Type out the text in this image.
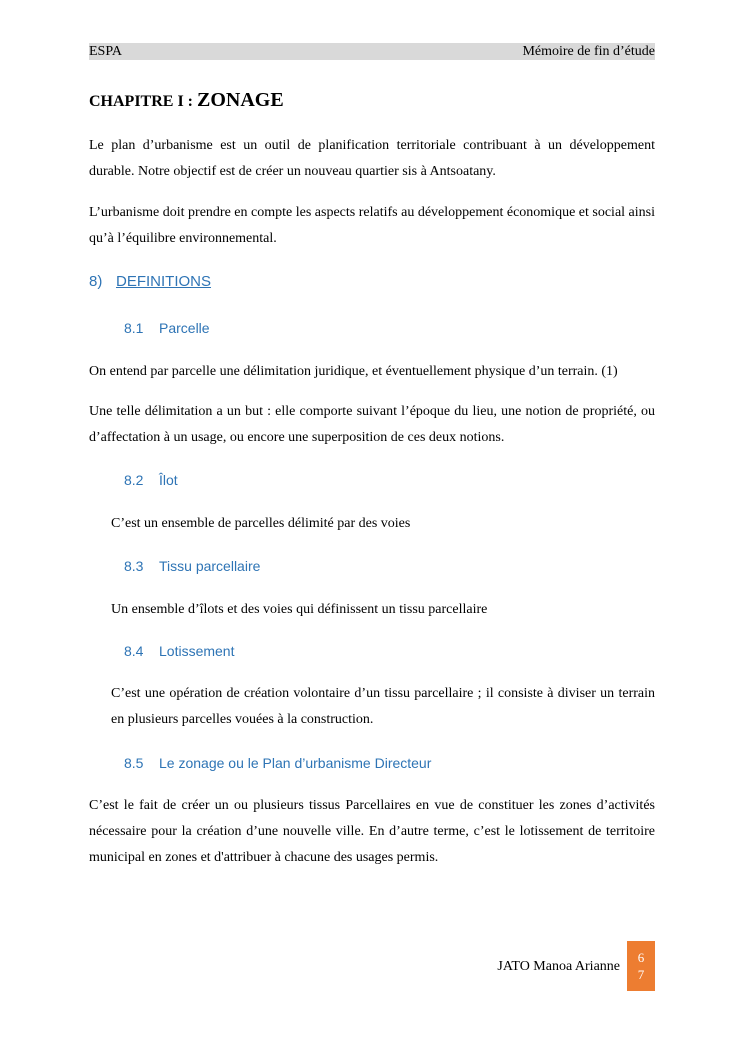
ESPA	Mémoire de fin d’étude
CHAPITRE I : ZONAGE

Le plan d’urbanisme est un outil de planification territoriale contribuant à un développement durable. Notre objectif est de créer un nouveau quartier sis à Antsoatany.

L’urbanisme doit prendre en compte les aspects relatifs au développement économique et social ainsi qu’à l’équilibre environnemental.

8) DEFINITIONS
8.1 Parcelle

On entend par parcelle une délimitation juridique, et éventuellement physique d’un terrain. (1)

Une telle délimitation a un but : elle comporte suivant l’époque du lieu, une notion de propriété, ou d’affectation à un usage, ou encore une superposition de ces deux notions.

8.2 Îlot

C’est un ensemble de parcelles délimité par des voies

8.3 Tissu parcellaire

Un ensemble d’îlots et des voies qui définissent un tissu parcellaire

8.4 Lotissement

C’est une opération de création volontaire d’un tissu parcellaire ; il consiste à diviser un terrain en plusieurs parcelles vouées à la construction.

8.5 Le zonage ou le Plan d’urbanisme Directeur

C’est le fait de créer un ou plusieurs tissus Parcellaires en vue de constituer les zones d’activités nécessaire pour la création d’une nouvelle ville. En d’autre terme, c’est le lotissement de territoire municipal en zones et d'attribuer à chacune des usages permis.

JATO Manoa Arianne
6
7
